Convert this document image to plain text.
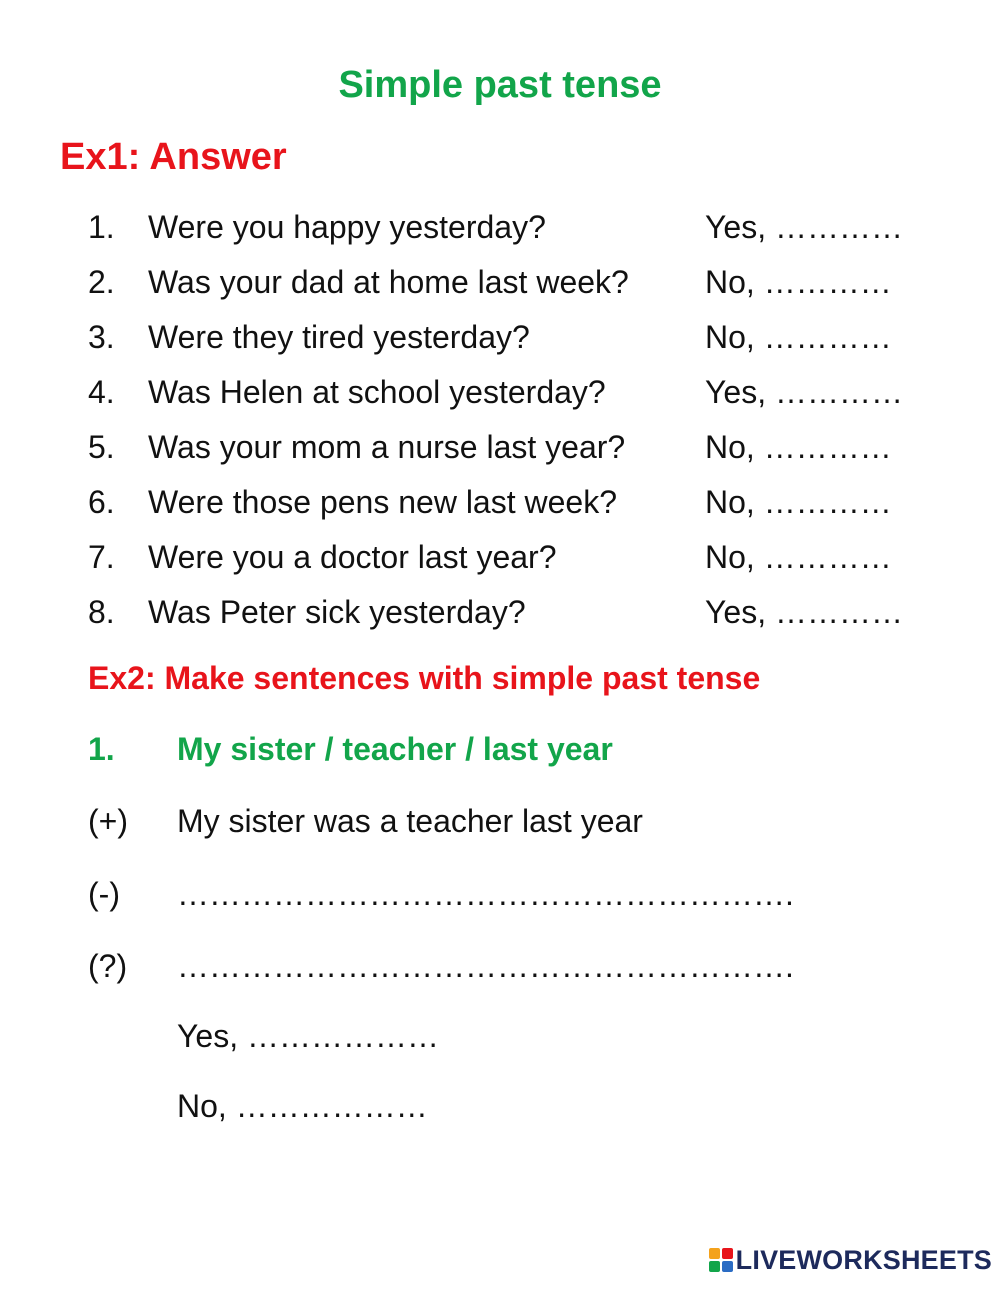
Simple past tense
Ex1: Answer
1. Were you happy yesterday?	Yes, …………
2. Was your dad at home last week? No, …………
3. Were they tired yesterday?	No, …………
4. Was Helen at school yesterday?	Yes, …………
5. Was your mom a nurse last year? No, …………
6. Were those pens new last week?	No, …………
7. Were you a doctor last year?	No, …………
8. Was Peter sick yesterday?	Yes, …………
Ex2: Make sentences with simple past tense
1. My sister / teacher / last year
(+) My sister was a teacher last year
(-) ………………………………………………….
(?) ………………………………………………….
Yes, ………………
No, ………………
LIVEWORKSHEETS
